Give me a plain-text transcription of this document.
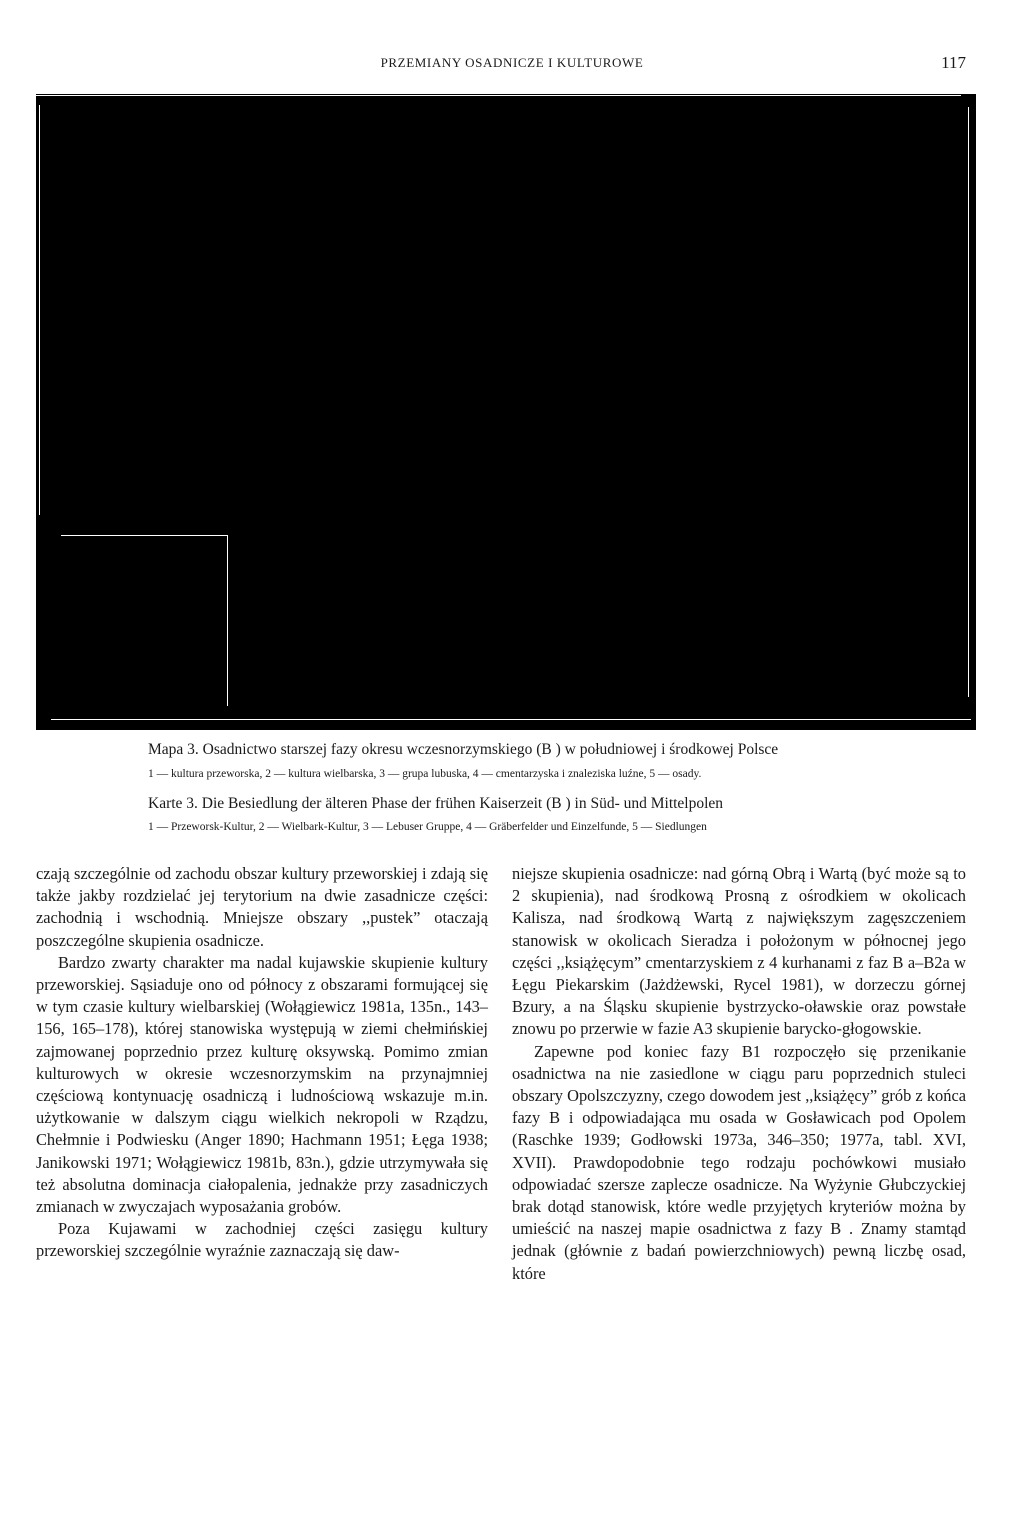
PRZEMIANY OSADNICZE I KULTUROWE	117
Mapa 3. Osadnictwo starszej fazy okresu wczesnorzymskiego (B ) w południowej i środkowej Polsce
1 — kultura przeworska, 2 — kultura wielbarska, 3 — grupa lubuska, 4 — cmentarzyska i znaleziska luźne, 5 — osady.
Karte 3. Die Besiedlung der älteren Phase der frühen Kaiserzeit (B ) in Süd- und Mittelpolen
1 — Przeworsk-Kultur, 2 — Wielbark-Kultur, 3 — Lebuser Gruppe, 4 — Gräberfelder und Einzelfunde, 5 — Siedlungen

czają szczególnie od zachodu obszar kultury przeworskiej i zdają się także jakby rozdzielać jej terytorium na dwie zasadnicze części: zachodnią i wschodnią. Mniejsze obszary ,,pustek” otaczają poszczególne skupienia osadnicze.

Bardzo zwarty charakter ma nadal kujawskie skupienie kultury przeworskiej. Sąsiaduje ono od północy z obszarami formującej się w tym czasie kultury wielbarskiej (Wołągiewicz 1981a, 135n., 143–156, 165–178), której stanowiska występują w ziemi chełmińskiej zajmowanej poprzednio przez kulturę oksywską. Pomimo zmian kulturowych w okresie wczesnorzymskim na przynajmniej częściową kontynuację osadniczą i ludnościową wskazuje m.in. użytkowanie w dalszym ciągu wielkich nekropoli w Rządzu, Chełmnie i Podwiesku (Anger 1890; Hachmann 1951; Łęga 1938; Janikowski 1971; Wołągiewicz 1981b, 83n.), gdzie utrzymywała się też absolutna dominacja ciałopalenia, jednakże przy zasadniczych zmianach w zwyczajach wyposażania grobów.

Poza Kujawami w zachodniej części zasięgu kultury przeworskiej szczególnie wyraźnie zaznaczają się daw-

niejsze skupienia osadnicze: nad górną Obrą i Wartą (być może są to 2 skupienia), nad środkową Prosną z ośrodkiem w okolicach Kalisza, nad środkową Wartą z największym zagęszczeniem stanowisk w okolicach Sieradza i położonym w północnej jego części ,,książęcym” cmentarzyskiem z 4 kurhanami z faz B a–B2a w Łęgu Piekarskim (Jażdżewski, Rycel 1981), w dorzeczu górnej Bzury, a na Śląsku skupienie bystrzycko-oławskie oraz powstałe znowu po przerwie w fazie A3 skupienie barycko-głogowskie.

Zapewne pod koniec fazy B1 rozpoczęło się przenikanie osadnictwa na nie zasiedlone w ciągu paru poprzednich stuleci obszary Opolszczyzny, czego dowodem jest ,,książęcy” grób z końca fazy B i odpowiadająca mu osada w Gosławicach pod Opolem (Raschke 1939; Godłowski 1973a, 346–350; 1977a, tabl. XVI, XVII). Prawdopodobnie tego rodzaju pochówkowi musiało odpowiadać szersze zaplecze osadnicze. Na Wyżynie Głubczyckiej brak dotąd stanowisk, które wedle przyjętych kryteriów można by umieścić na naszej mapie osadnictwa z fazy B . Znamy stamtąd jednak (głównie z badań powierzchniowych) pewną liczbę osad, które
